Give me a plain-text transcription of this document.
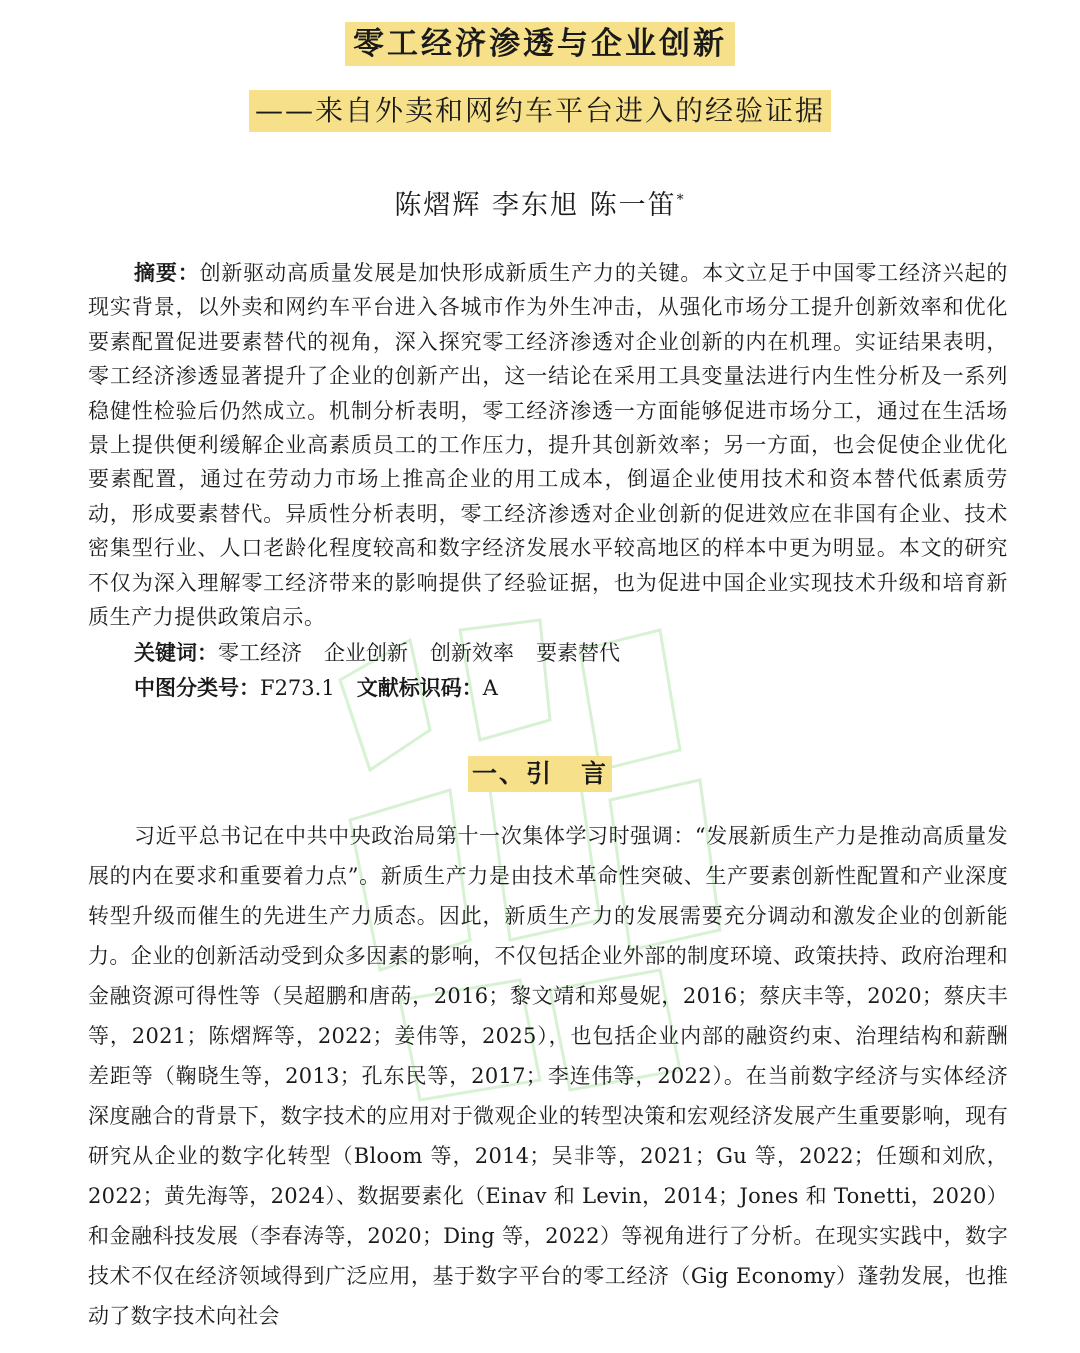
零工经济渗透与企业创新
——来自外卖和网约车平台进入的经验证据
陈熠辉 李东旭 陈一笛*

摘要：创新驱动高质量发展是加快形成新质生产力的关键。本文立足于中国零工经济兴起的现实背景，以外卖和网约车平台进入各城市作为外生冲击，从强化市场分工提升创新效率和优化要素配置促进要素替代的视角，深入探究零工经济渗透对企业创新的内在机理。实证结果表明，零工经济渗透显著提升了企业的创新产出，这一结论在采用工具变量法进行内生性分析及一系列稳健性检验后仍然成立。机制分析表明，零工经济渗透一方面能够促进市场分工，通过在生活场景上提供便利缓解企业高素质员工的工作压力，提升其创新效率；另一方面，也会促使企业优化要素配置，通过在劳动力市场上推高企业的用工成本，倒逼企业使用技术和资本替代低素质劳动，形成要素替代。异质性分析表明，零工经济渗透对企业创新的促进效应在非国有企业、技术密集型行业、人口老龄化程度较高和数字经济发展水平较高地区的样本中更为明显。本文的研究不仅为深入理解零工经济带来的影响提供了经验证据，也为促进中国企业实现技术升级和培育新质生产力提供政策启示。

关键词：零工经济 企业创新 创新效率 要素替代

中图分类号：F273.1 文献标识码：A

一、引 言

习近平总书记在中共中央政治局第十一次集体学习时强调：“发展新质生产力是推动高质量发展的内在要求和重要着力点”。新质生产力是由技术革命性突破、生产要素创新性配置和产业深度转型升级而催生的先进生产力质态。因此，新质生产力的发展需要充分调动和激发企业的创新能力。企业的创新活动受到众多因素的影响，不仅包括企业外部的制度环境、政策扶持、政府治理和金融资源可得性等（吴超鹏和唐菂，2016；黎文靖和郑曼妮，2016；蔡庆丰等，2020；蔡庆丰等，2021；陈熠辉等，2022；姜伟等，2025），也包括企业内部的融资约束、治理结构和薪酬差距等（鞠晓生等，2013；孔东民等，2017；李连伟等，2022）。在当前数字经济与实体经济深度融合的背景下，数字技术的应用对于微观企业的转型决策和宏观经济发展产生重要影响，现有研究从企业的数字化转型（Bloom 等，2014；吴非等，2021；Gu 等，2022；任颋和刘欣，2022；黄先海等，2024）、数据要素化（Einav 和 Levin，2014；Jones 和 Tonetti，2020）和金融科技发展（李春涛等，2020；Ding 等，2022）等视角进行了分析。在现实实践中，数字技术不仅在经济领域得到广泛应用，基于数字平台的零工经济（Gig Economy）蓬勃发展，也推动了数字技术向社会
